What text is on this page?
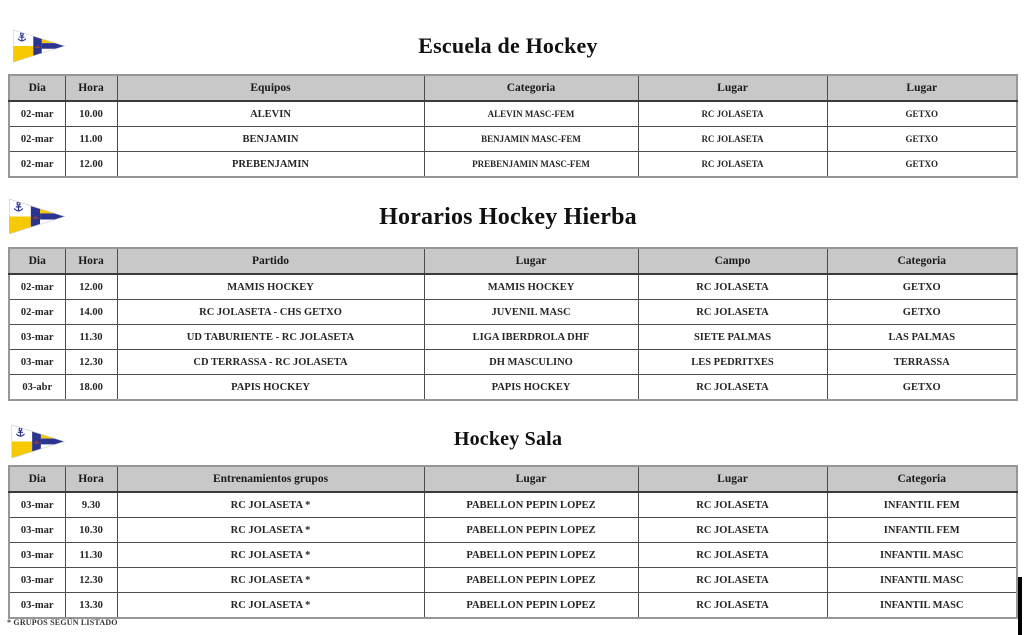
Escuela de Hockey
Dia	Hora	Equipos	Categoria	Lugar	Lugar
02-mar	10.00	ALEVIN	ALEVIN MASC-FEM	RC JOLASETA	GETXO
02-mar	11.00	BENJAMIN	BENJAMIN MASC-FEM	RC JOLASETA	GETXO
02-mar	12.00	PREBENJAMIN	PREBENJAMIN MASC-FEM	RC JOLASETA	GETXO
Horarios Hockey Hierba
Dia	Hora	Partido	Lugar	Campo	Categoria
02-mar	12.00	MAMIS HOCKEY	MAMIS HOCKEY	RC JOLASETA	GETXO
02-mar	14.00	RC JOLASETA - CHS GETXO	JUVENIL MASC	RC JOLASETA	GETXO
03-mar	11.30	UD TABURIENTE - RC JOLASETA	LIGA IBERDROLA DHF	SIETE PALMAS	LAS PALMAS
03-mar	12.30	CD TERRASSA - RC JOLASETA	DH MASCULINO	LES PEDRITXES	TERRASSA
03-abr	18.00	PAPIS HOCKEY	PAPIS HOCKEY	RC JOLASETA	GETXO
Hockey Sala
Dia	Hora	Entrenamientos grupos	Lugar	Lugar	Categoria
03-mar	9.30	RC JOLASETA *	PABELLON PEPIN LOPEZ	RC JOLASETA	INFANTIL FEM
03-mar	10.30	RC JOLASETA *	PABELLON PEPIN LOPEZ	RC JOLASETA	INFANTIL FEM
03-mar	11.30	RC JOLASETA *	PABELLON PEPIN LOPEZ	RC JOLASETA	INFANTIL MASC
03-mar	12.30	RC JOLASETA *	PABELLON PEPIN LOPEZ	RC JOLASETA	INFANTIL MASC
03-mar	13.30	RC JOLASETA *	PABELLON PEPIN LOPEZ	RC JOLASETA	INFANTIL MASC
* GRUPOS SEGÚN LISTADO
